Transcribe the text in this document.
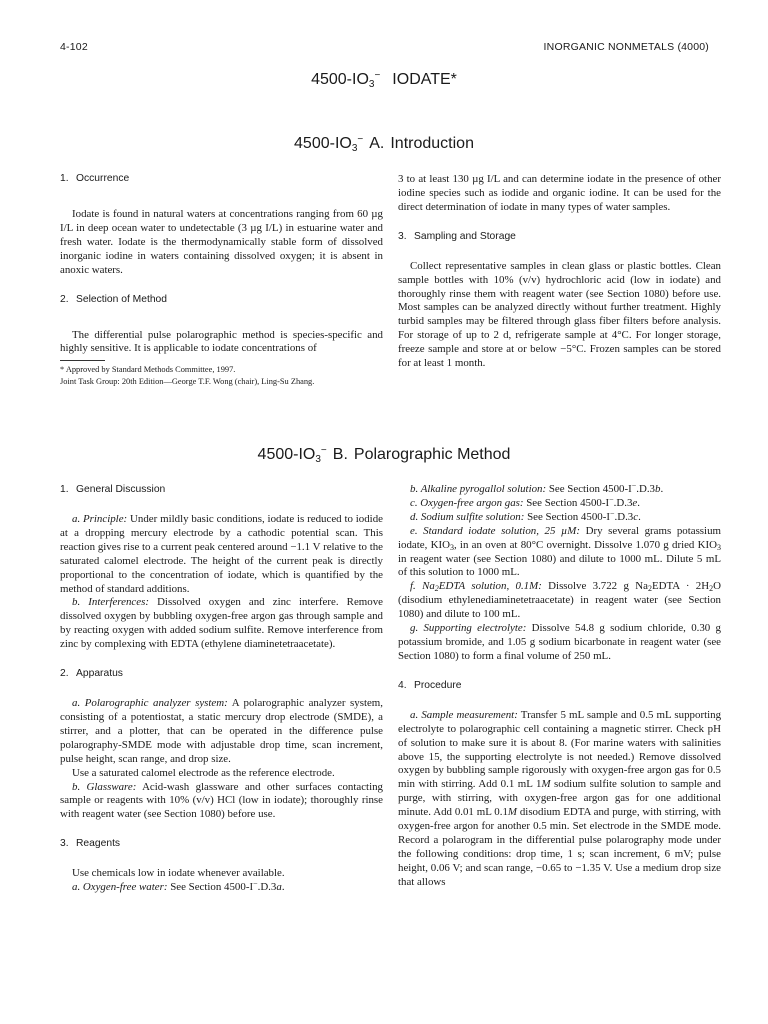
4-102	INORGANIC NONMETALS (4000)
$4500-IO_3^-$ IODATE*
$4500-IO_3^-$ A. Introduction
1. Occurrence

Iodate is found in natural waters at concentrations ranging from 60 µg I/L in deep ocean water to undetectable (3 µg I/L) in estuarine water and fresh water. Iodate is the thermodynamically stable form of dissolved inorganic iodine in waters containing dissolved oxygen; it is absent in anoxic waters.

2. Selection of Method

The differential pulse polarographic method is species-specific and highly sensitive. It is applicable to iodate concentrations of

* Approved by Standard Methods Committee, 1997.
Joint Task Group: 20th Edition—George T.F. Wong (chair), Ling-Su Zhang.

3 to at least 130 µg I/L and can determine iodate in the presence of other iodine species such as iodide and organic iodine. It can be used for the direct determination of iodate in many types of water samples.

3. Sampling and Storage

Collect representative samples in clean glass or plastic bottles. Clean sample bottles with 10% (v/v) hydrochloric acid (low in iodate) and thoroughly rinse them with reagent water (see Section 1080) before use. Most samples can be analyzed directly without further treatment. Highly turbid samples may be filtered through glass fiber filters before analysis. For storage of up to 2 d, refrigerate sample at 4°C. For longer storage, freeze sample and store at or below −5°C. Frozen samples can be stored for at least 1 month.

$4500-IO_3^-$ B. Polarographic Method
1. General Discussion

a. Principle: Under mildly basic conditions, iodate is reduced to iodide at a dropping mercury electrode by a cathodic potential scan. This reaction gives rise to a current peak centered around −1.1 V relative to the saturated calomel electrode. The height of the current peak is directly proportional to the concentration of iodate, which is quantified by the method of standard additions.

b. Interferences: Dissolved oxygen and zinc interfere. Remove dissolved oxygen by bubbling oxygen-free argon gas through sample and by reacting oxygen with added sodium sulfite. Remove interference from zinc by complexing with EDTA (ethylene diaminetetraacetate).

2. Apparatus

a. Polarographic analyzer system: A polarographic analyzer system, consisting of a potentiostat, a static mercury drop electrode (SMDE), a stirrer, and a plotter, that can be operated in the difference pulse polarography-SMDE mode with adjustable drop time, scan increment, pulse height, scan range, and drop size.

Use a saturated calomel electrode as the reference electrode.

b. Glassware: Acid-wash glassware and other surfaces contacting sample or reagents with 10% (v/v) HCl (low in iodate); thoroughly rinse with reagent water (see Section 1080) before use.

3. Reagents

Use chemicals low in iodate whenever available.

a. Oxygen-free water: See Section 4500-I−.D.3a.

b. Alkaline pyrogallol solution: See Section 4500-I−.D.3b.

c. Oxygen-free argon gas: See Section 4500-I−.D.3e.

d. Sodium sulfite solution: See Section 4500-I−.D.3c.

e. Standard iodate solution, 25 µM: Dry several grams potassium iodate, $KIO_3$, in an oven at 80°C overnight. Dissolve 1.070 g dried $KIO_3$ in reagent water (see Section 1080) and dilute to 1000 mL. Dilute 5 mL of this solution to 1000 mL.

f. $Na_2EDTA$ solution, 0.1M: Dissolve 3.722 g $Na_2EDTA \cdot 2H_2O$ (disodium ethylenediaminetetraacetate) in reagent water (see Section 1080) and dilute to 100 mL.

g. Supporting electrolyte: Dissolve 54.8 g sodium chloride, 0.30 g potassium bromide, and 1.05 g sodium bicarbonate in reagent water (see Section 1080) to form a final volume of 250 mL.

4. Procedure

a. Sample measurement: Transfer 5 mL sample and 0.5 mL supporting electrolyte to polarographic cell containing a magnetic stirrer. Check pH of solution to make sure it is about 8. (For marine waters with salinities above 15, the supporting electrolyte is not needed.) Remove dissolved oxygen by bubbling sample rigorously with oxygen-free argon gas for 0.5 min with stirring. Add 0.1 mL 1M sodium sulfite solution to sample and purge, with stirring, with oxygen-free argon gas for one additional minute. Add 0.01 mL 0.1M disodium EDTA and purge, with stirring, with oxygen-free argon for another 0.5 min. Set electrode in the SMDE mode. Record a polarogram in the differential pulse polarography mode under the following conditions: drop time, 1 s; scan increment, 6 mV; pulse height, 0.06 V; and scan range, −0.65 to −1.35 V. Use a medium drop size that allows
